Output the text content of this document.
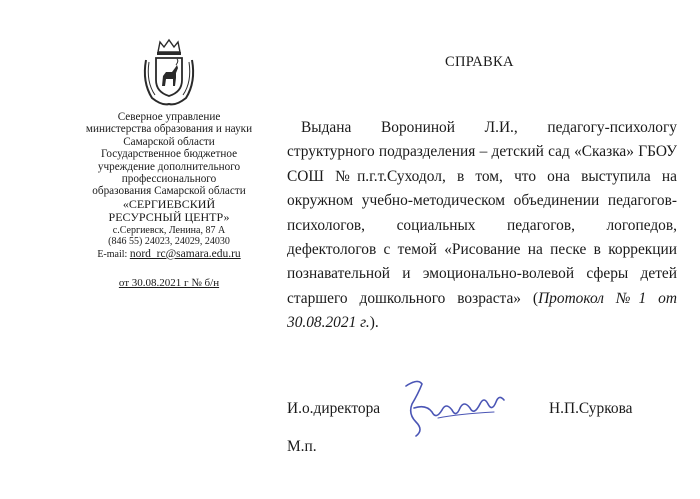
Северное управление
министерства образования и науки
Самарской области
Государственное бюджетное
учреждение дополнительного
профессионального
образования Самарской области
«СЕРГИЕВСКИЙ
РЕСУРСНЫЙ ЦЕНТР»
с.Сергиевск, Ленина, 87 А
(846 55) 24023, 24029, 24030
E-mail: nord_rc@samara.edu.ru
от 30.08.2021 г № б/н
СПРАВКА
Выдана Ворониной Л.И., педагогу-психологу структурного подразделения – детский сад «Сказка» ГБОУ СОШ №п.г.т.Суходол, в том, что она выступила на окружном учебно-методическом объединении педагогов-психологов, социальных педагогов, логопедов, дефектологов с темой «Рисование на песке в коррекции познавательной и эмоционально-волевой сферы детей старшего дошкольного возраста» (Протокол №1 от 30.08.2021 г.).
И.о.директора	Н.П.Суркова
М.п.
